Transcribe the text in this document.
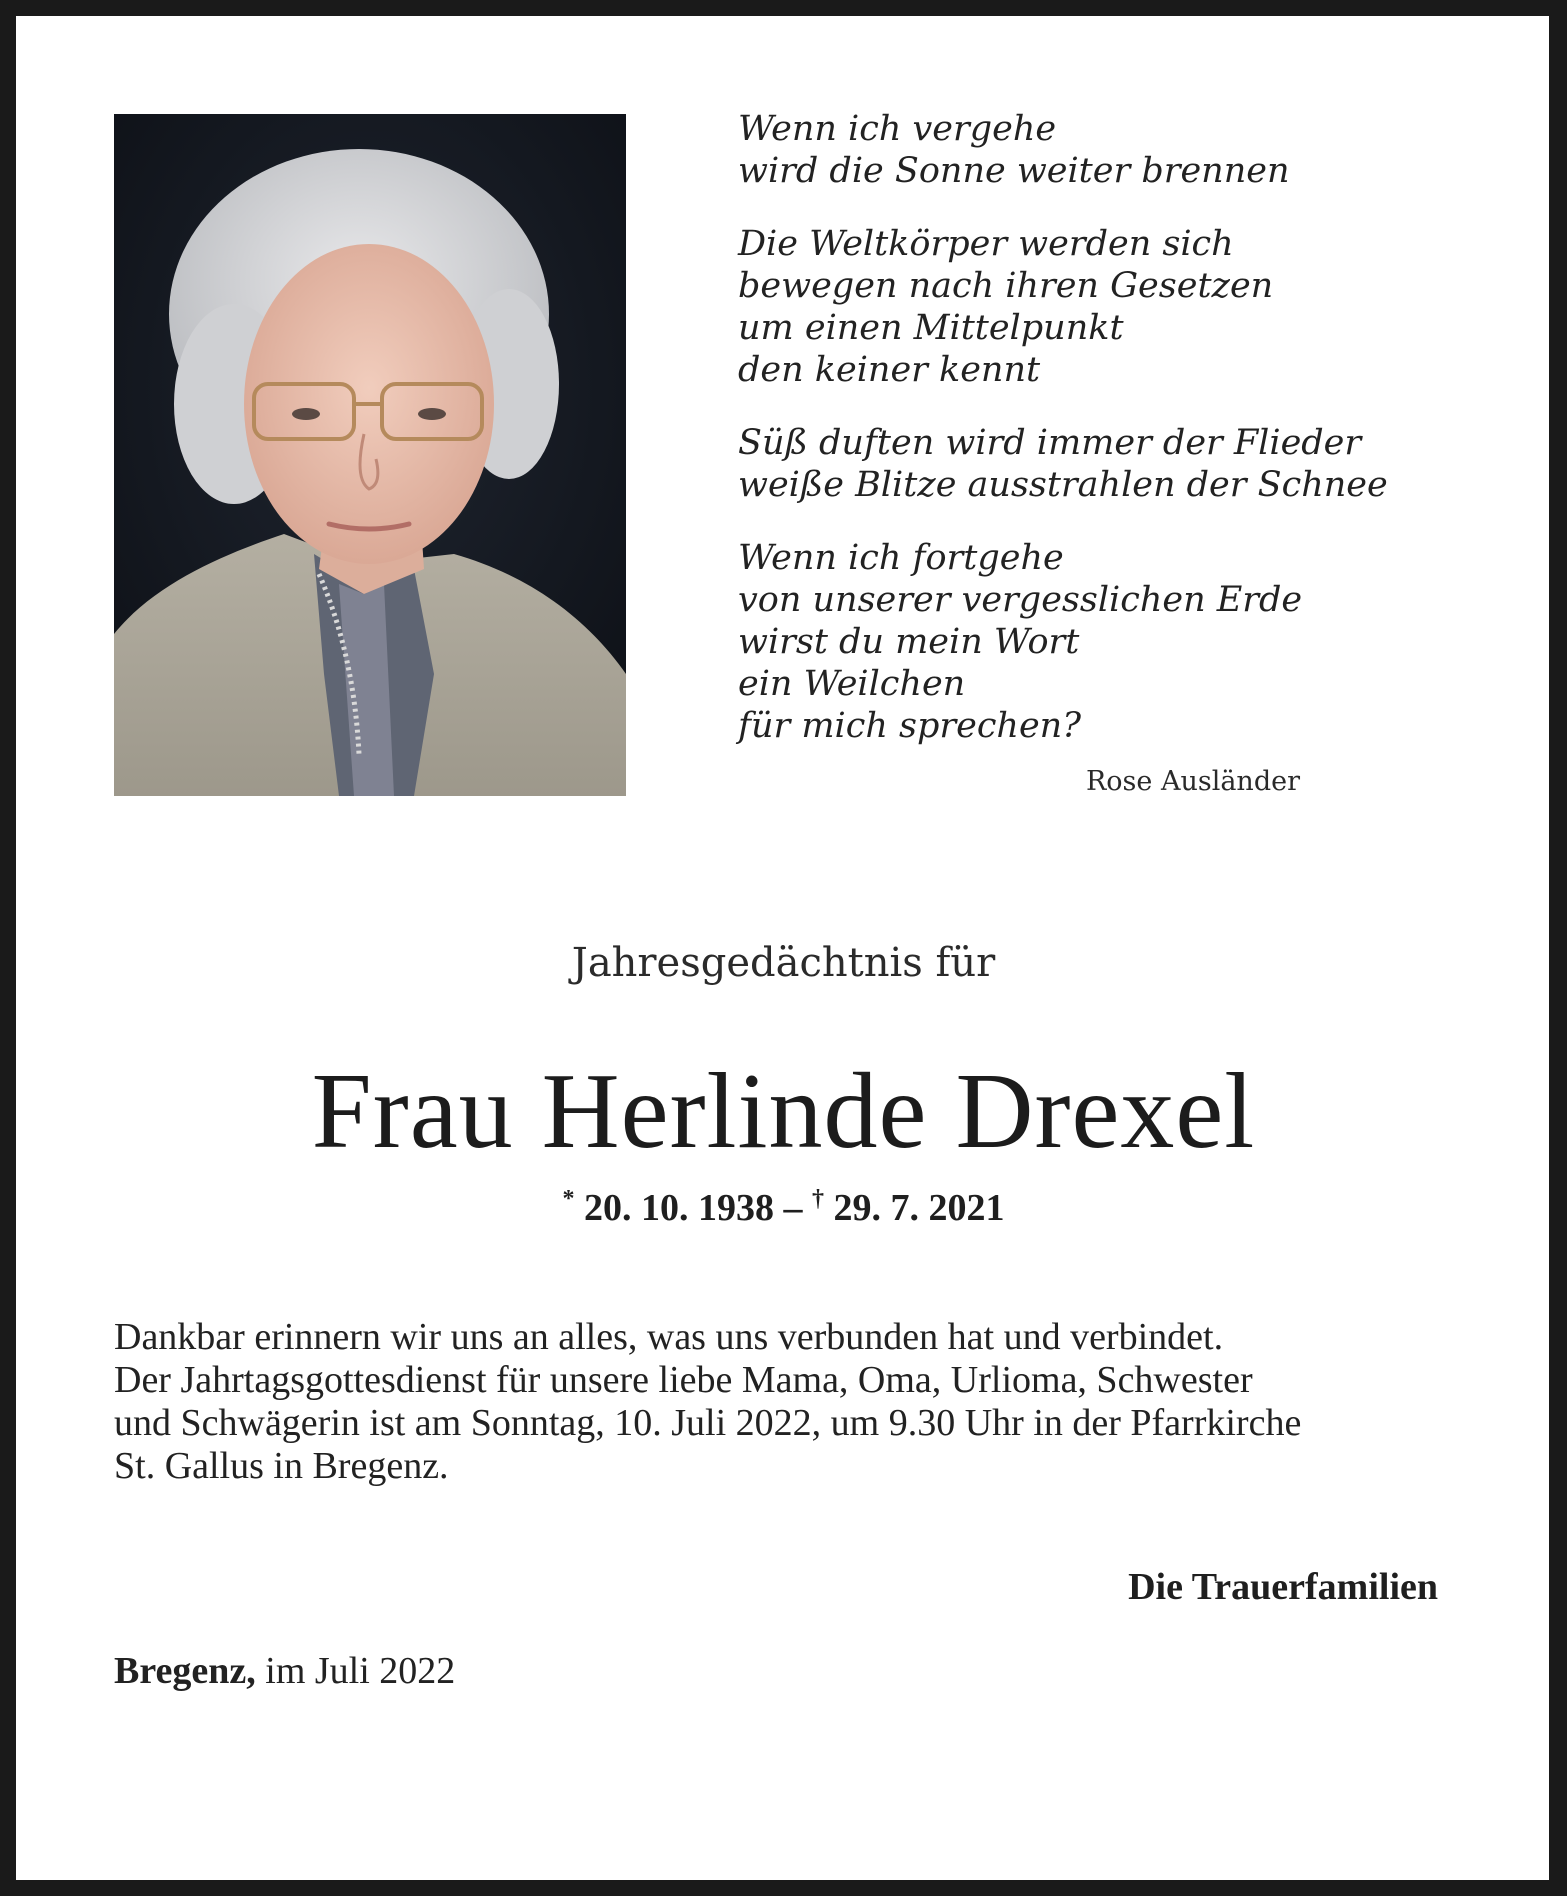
Wenn ich vergehe
wird die Sonne weiter brennen
Die Weltkörper werden sich
bewegen nach ihren Gesetzen
um einen Mittelpunkt
den keiner kennt
Süß duften wird immer der Flieder
weiße Blitze ausstrahlen der Schnee
Wenn ich fortgehe
von unserer vergesslichen Erde
wirst du mein Wort
ein Weilchen
für mich sprechen?
Rose Ausländer
Jahresgedächtnis für
Frau Herlinde Drexel
* 20. 10. 1938 – † 29. 7. 2021
Dankbar erinnern wir uns an alles, was uns verbunden hat und verbindet.
Der Jahrtagsgottesdienst für unsere liebe Mama, Oma, Urlioma, Schwester
und Schwägerin ist am Sonntag, 10. Juli 2022, um 9.30 Uhr in der Pfarrkirche
St. Gallus in Bregenz.
Die Trauerfamilien
Bregenz, im Juli 2022
